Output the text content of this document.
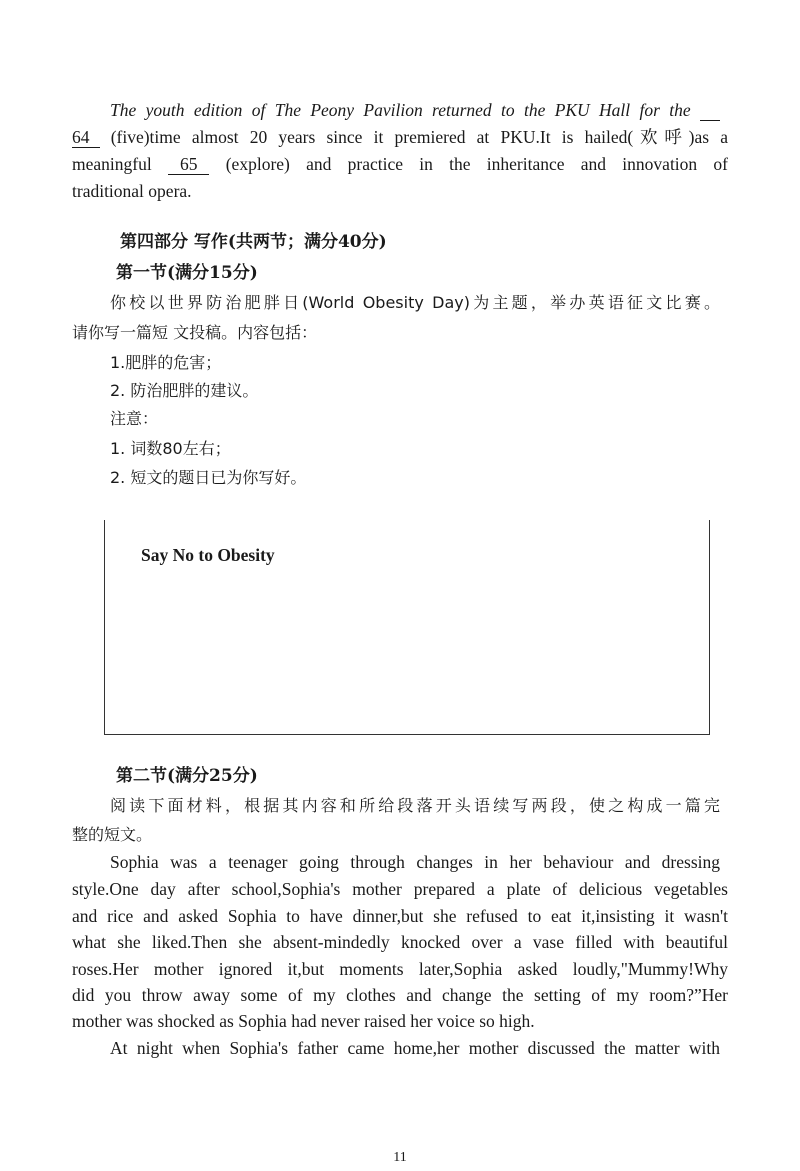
The youth edition of The Peony Pavilion returned to the PKU Hall for the
64 (five)time almost 20 years since it premiered at PKU.It is hailed(欢呼)as a
meaningful 65 (explore) and practice in the inheritance and innovation of
traditional opera.
第四部分 写作(共两节；满分40分)
第一节(满分15分)
你校以世界防治肥胖日(World Obesity Day)为主题，举办英语征文比赛。
请你写一篇短 文投稿。内容包括：
1.肥胖的危害；
2. 防治肥胖的建议。
注意：
1. 词数80左右；
2. 短文的题日已为你写好。
Say No to Obesity
第二节(满分25分)
阅读下面材料，根据其内容和所给段落开头语续写两段，使之构成一篇完
整的短文。
Sophia was a teenager going through changes in her behaviour and dressing
style.One day after school,Sophia's mother prepared a plate of delicious vegetables
and rice and asked Sophia to have dinner,but she refused to eat it,insisting it wasn't
what she liked.Then she absent-mindedly knocked over a vase filled with beautiful
roses.Her mother ignored it,but moments later,Sophia asked loudly,"Mummy!Why
did you throw away some of my clothes and change the setting of my room?”Her
mother was shocked as Sophia had never raised her voice so high.
At night when Sophia's father came home,her mother discussed the matter with
11
